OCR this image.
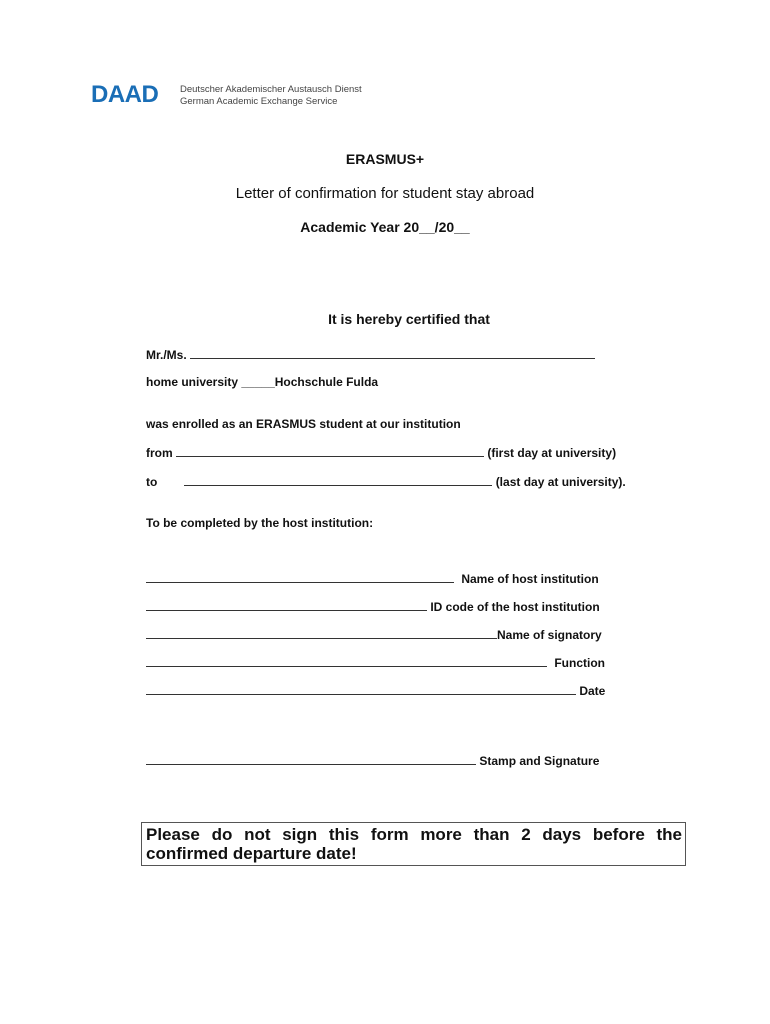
DAAD Deutscher Akademischer Austausch Dienst
German Academic Exchange Service
ERASMUS+
Letter of confirmation for student stay abroad
Academic Year 20__/20__
It is hereby certified that
Mr./Ms.
home university _____Hochschule Fulda
was enrolled as an ERASMUS student at our institution
from	(first day at university)
to	(last day at university).
To be completed by the host institution:
Name of host institution
ID code of the host institution
Name of signatory
Function
Date
Stamp and Signature
Please do not sign this form more than 2 days before the confirmed departure date!
